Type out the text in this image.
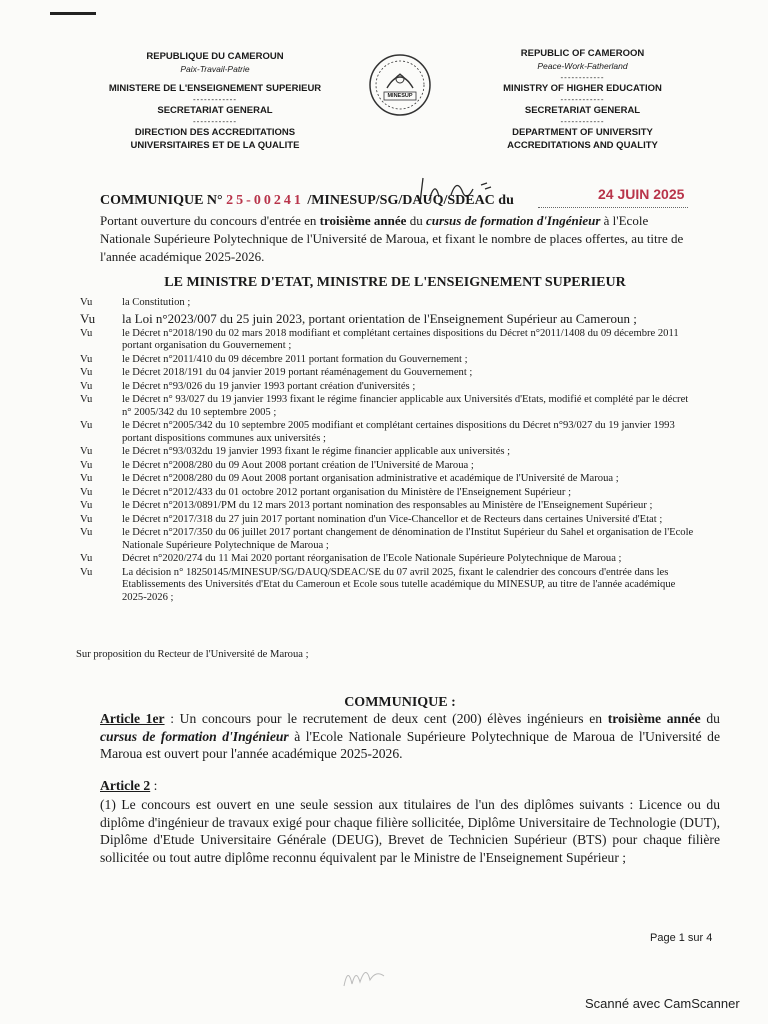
REPUBLIQUE DU CAMEROUN
Paix-Travail-Patrie
MINISTERE DE L'ENSEIGNEMENT SUPERIEUR
------------
SECRETARIAT GENERAL
------------
DIRECTION DES ACCREDITATIONS
UNIVERSITAIRES ET DE LA QUALITE
MINESUP
REPUBLIC OF CAMEROON
Peace-Work-Fatherland
------------
MINISTRY OF HIGHER EDUCATION
------------
SECRETARIAT GENERAL
------------
DEPARTMENT OF UNIVERSITY
ACCREDITATIONS AND QUALITY
COMMUNIQUE N° 25-00241 /MINESUP/SG/DAUQ/SDEAC du	24 JUIN 2025
Portant ouverture du concours d'entrée en troisième année du cursus de formation d'Ingénieur à l'Ecole Nationale Supérieure Polytechnique de l'Université de Maroua, et fixant le nombre de places offertes, au titre de l'année académique 2025-2026.
LE MINISTRE D'ETAT, MINISTRE DE L'ENSEIGNEMENT SUPERIEUR
Vu	la Constitution ;
Vu	la Loi n°2023/007 du 25 juin 2023, portant orientation de l'Enseignement Supérieur au Cameroun ;
Vu	le Décret n°2018/190 du 02 mars 2018 modifiant et complétant certaines dispositions du Décret n°2011/1408 du 09 décembre 2011 portant organisation du Gouvernement ;
Vu	le Décret n°2011/410 du 09 décembre 2011 portant formation du Gouvernement ;
Vu	le Décret 2018/191 du 04 janvier 2019 portant réaménagement du Gouvernement ;
Vu	le Décret n°93/026 du 19 janvier 1993 portant création d'universités ;
Vu	le Décret n° 93/027 du 19 janvier 1993 fixant le régime financier applicable aux Universités d'Etats, modifié et complété par le décret n° 2005/342 du 10 septembre 2005 ;
Vu	le Décret n°2005/342 du 10 septembre 2005 modifiant et complétant certaines dispositions du Décret n°93/027 du 19 janvier 1993 portant dispositions communes aux universités ;
Vu	le Décret n°93/032du 19 janvier 1993 fixant le régime financier applicable aux universités ;
Vu	le Décret n°2008/280 du 09 Aout 2008 portant création de l'Université de Maroua ;
Vu	le Décret n°2008/280 du 09 Aout 2008 portant organisation administrative et académique de l'Université de Maroua ;
Vu	le Décret n°2012/433 du 01 octobre 2012 portant organisation du Ministère de l'Enseignement Supérieur ;
Vu	le Décret n°2013/0891/PM du 12 mars 2013 portant nomination des responsables au Ministère de l'Enseignement Supérieur ;
Vu	le Décret n°2017/318 du 27 juin 2017 portant nomination d'un Vice-Chancellor et de Recteurs dans certaines Université d'Etat ;
Vu	le Décret n°2017/350 du 06 juillet 2017 portant changement de dénomination de l'Institut Supérieur du Sahel et organisation de l'Ecole Nationale Supérieure Polytechnique de Maroua ;
Vu	Décret n°2020/274 du 11 Mai 2020 portant réorganisation de l'Ecole Nationale Supérieure Polytechnique de Maroua ;
Vu	La décision n° 18250145/MINESUP/SG/DAUQ/SDEAC/SE du 07 avril 2025, fixant le calendrier des concours d'entrée dans les Etablissements des Universités d'Etat du Cameroun et Ecole sous tutelle académique du MINESUP, au titre de l'année académique 2025-2026 ;
Sur proposition du Recteur de l'Université de Maroua ;
COMMUNIQUE :
Article 1er : Un concours pour le recrutement de deux cent (200) élèves ingénieurs en troisième année du cursus de formation d'Ingénieur à l'Ecole Nationale Supérieure Polytechnique de Maroua de l'Université de Maroua est ouvert pour l'année académique 2025-2026.
Article 2 :
(1) Le concours est ouvert en une seule session aux titulaires de l'un des diplômes suivants : Licence ou du diplôme d'ingénieur de travaux exigé pour chaque filière sollicitée, Diplôme Universitaire de Technologie (DUT), Diplôme d'Etude Universitaire Générale (DEUG), Brevet de Technicien Supérieur (BTS) pour chaque filière sollicitée ou tout autre diplôme reconnu équivalent par le Ministre de l'Enseignement Supérieur ;
Page 1 sur 4
Scanné avec CamScanner
